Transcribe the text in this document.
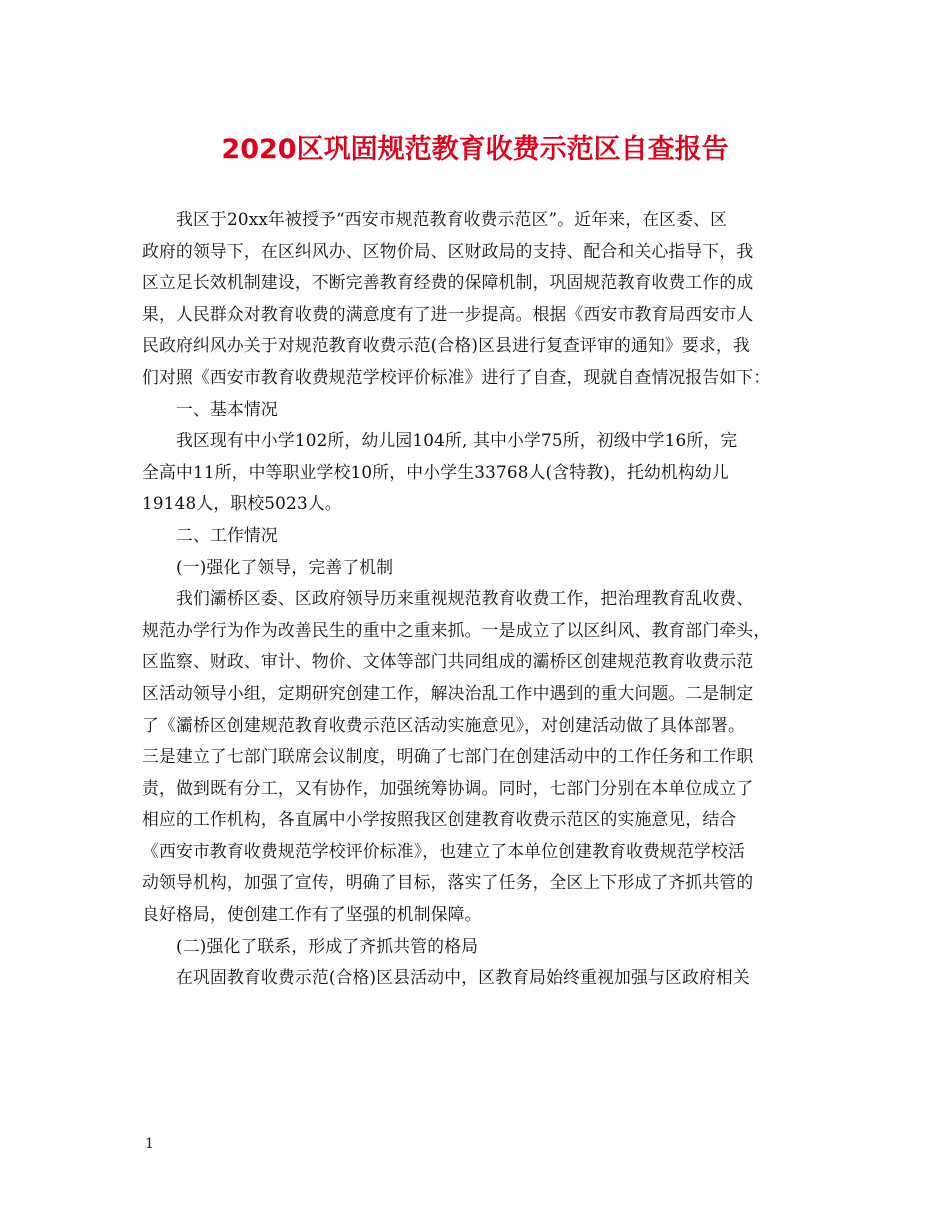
2020区巩固规范教育收费示范区自查报告
我区于20xx年被授予“西安市规范教育收费示范区”。近年来，在区委、区
政府的领导下，在区纠风办、区物价局、区财政局的支持、配合和关心指导下，我
区立足长效机制建设，不断完善教育经费的保障机制，巩固规范教育收费工作的成
果，人民群众对教育收费的满意度有了进一步提高。根据《西安市教育局西安市人
民政府纠风办关于对规范教育收费示范(合格)区县进行复查评审的通知》要求，我
们对照《西安市教育收费规范学校评价标准》进行了自查，现就自查情况报告如下：
一、基本情况
我区现有中小学102所，幼儿园104所, 其中小学75所，初级中学16所，完
全高中11所，中等职业学校10所，中小学生33768人(含特教)，托幼机构幼儿
19148人，职校5023人。
二、工作情况
(一)强化了领导，完善了机制
我们灞桥区委、区政府领导历来重视规范教育收费工作，把治理教育乱收费、
规范办学行为作为改善民生的重中之重来抓。一是成立了以区纠风、教育部门牵头，
区监察、财政、审计、物价、文体等部门共同组成的灞桥区创建规范教育收费示范
区活动领导小组，定期研究创建工作，解决治乱工作中遇到的重大问题。二是制定
了《灞桥区创建规范教育收费示范区活动实施意见》，对创建活动做了具体部署。
三是建立了七部门联席会议制度，明确了七部门在创建活动中的工作任务和工作职
责，做到既有分工，又有协作，加强统筹协调。同时，七部门分别在本单位成立了
相应的工作机构，各直属中小学按照我区创建教育收费示范区的实施意见，结合
《西安市教育收费规范学校评价标准》，也建立了本单位创建教育收费规范学校活
动领导机构，加强了宣传，明确了目标，落实了任务，全区上下形成了齐抓共管的
良好格局，使创建工作有了坚强的机制保障。
(二)强化了联系，形成了齐抓共管的格局
在巩固教育收费示范(合格)区县活动中，区教育局始终重视加强与区政府相关
1
